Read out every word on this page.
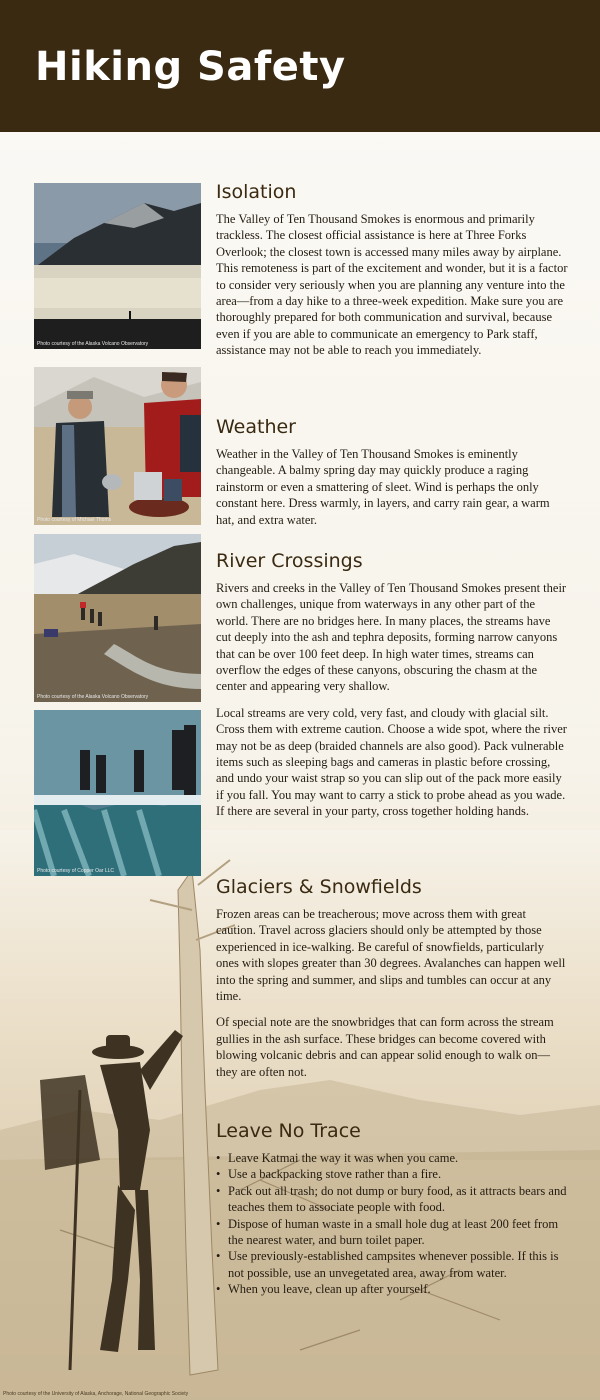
Hiking Safety
Photo courtesy of the Alaska Volcano Observatory
Photo courtesy of Michael Thoms
Photo courtesy of the Alaska Volcano Observatory
Photo courtesy of Copper Oar LLC
Isolation

The Valley of Ten Thousand Smokes is enormous and primarily trackless. The closest official assistance is here at Three Forks Overlook; the closest town is accessed many miles away by airplane. This remoteness is part of the excitement and wonder, but it is a factor to consider very seriously when you are planning any venture into the area—from a day hike to a three-week expedition. Make sure you are thoroughly prepared for both communication and survival, because even if you are able to communicate an emergency to Park staff, assistance may not be able to reach you immediately.

Weather

Weather in the Valley of Ten Thousand Smokes is eminently changeable. A balmy spring day may quickly produce a raging rainstorm or even a smattering of sleet. Wind is perhaps the only constant here. Dress warmly, in layers, and carry rain gear, a warm hat, and extra water.

River Crossings

Rivers and creeks in the Valley of Ten Thousand Smokes present their own challenges, unique from waterways in any other part of the world. There are no bridges here. In many places, the streams have cut deeply into the ash and tephra deposits, forming narrow canyons that can be over 100 feet deep. In high water times, streams can overflow the edges of these canyons, obscuring the chasm at the center and appearing very shallow.

Local streams are very cold, very fast, and cloudy with glacial silt. Cross them with extreme caution. Choose a wide spot, where the river may not be as deep (braided channels are also good). Pack vulnerable items such as sleeping bags and cameras in plastic before crossing, and undo your waist strap so you can slip out of the pack more easily if you fall. You may want to carry a stick to probe ahead as you wade. If there are several in your party, cross together holding hands.

Glaciers & Snowfields

Frozen areas can be treacherous; move across them with great caution. Travel across glaciers should only be attempted by those experienced in ice-walking. Be careful of snowfields, particularly ones with slopes greater than 30 degrees. Avalanches can happen well into the spring and summer, and slips and tumbles can occur at any time.

Of special note are the snowbridges that can form across the stream gullies in the ash surface. These bridges can become covered with blowing volcanic debris and can appear solid enough to walk on—they are often not.

Leave No Trace
• Leave Katmai the way it was when you came.
• Use a backpacking stove rather than a fire.
• Pack out all trash; do not dump or bury food, as it attracts bears and teaches them to associate people with food.
• Dispose of human waste in a small hole dug at least 200 feet from the nearest water, and burn toilet paper.
• Use previously-established campsites whenever possible. If this is not possible, use an unvegetated area, away from water.
• When you leave, clean up after yourself.
Photo courtesy of the University of Alaska, Anchorage, National Geographic Society
